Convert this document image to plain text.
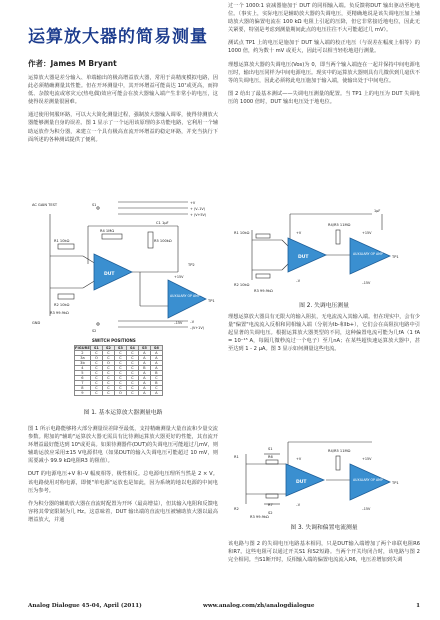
运算放大器的简易测量
作者：James M Bryant

运算放大器是差分输入、单端输出的极高增益放大器，常用于高精度模拟电路，因此必须精确测量其性能。但在开环测量中，其开环增益可能高达 10⁷或更高，而抑低、杂散电流或寒灾元(热电偶)效应可能会在放大器输入端产生非常小的电压，这使得误差测量很困难。

通过使用伺服环路，可以大大简化测量过程，强制放大器输入调零，使得待测放大器能够测量自身的误差。图 1 显示了一个运用该原理的多功能电路，它利用一个辅助运放作为积分器，来建立一个具有极高直流开环增益的稳定环路，并充当执行下面所述的各种测试提供了便利。

DUT
AUXILIARY OP AMP
AC GAIN TEST
GND
R1 10kΩ
R2 10kΩ
R3 99.9kΩ
R4 1MΩ
R5 100kΩ
C1 1μF
TP2
TP1
+V
+ (V–1V)
+ (V+5V)
–V
–(V+1V)
+15V
–15V
S1
S2
SWITCH POSITIONS
FIGURE	S1	S2	S3	S4	S5	S6
2	C	C	C	C	A	A
3a	O	C	C	C	A	A
3b	C	O	C	C	A	A
4	C	C	C	C	B	A
5	C	C	C	C	A	B
6	C	C	C	C	A	C
7	C	C	C	C	A	B
8	C	C	C	C	A	C
9	C	C	O	C	A	A
图 1. 基本运算放大器测量电路

图 1 所示电路能够将大部分测量误差降至最低，支持精确测量大量直流和少量交流参数。附加的"辅助"运算放大器无需具有比待测运算放大器更好的性能，其直流开环增益最好能达到 10⁶或更高。如果待测器件(DUT)的失调电压可能超过几mV，则辅助运放应采用±15 V电源供电（如果DUT的输入失调电压可能超过 10 mV，则需要减小 99.9 kΩ电阻R3 的阻值）。

DUT 的电源电压+V 和–V 幅度相等，极性相反。总电源电压理所当然是 2 × V。该电路使用对称电源，即便"单电源"运放也是如此，因为系统的地以电源的中间电压为参考。

作为积分器的辅助放大器在直流时配置为开环（最高增益），但其输入电阻和反馈电容将其带宽限制为几 Hz。这意味着，DUT 输出端的直流电压被辅助放大器以最高增益放大，并通

过一个 1000:1 衰减器施加于 DUT 的同相输入端。负反馈将DUT 输出驱动至地电位。（事实上，实际电压是辅助放大器的失调电压，更精确地说是该失调电压加上辅助放大器的偏置电流在 100 kΩ 电阻上引起的压降，但它非常接近地电位，因此无关紧要，特别是考虑到测量期间此点的电压往往不大可能超过几 mV）。

测试点 TP1 上的电压是施加于 DUT 输入端的校正电压（与误差在幅度上相等）的 1000 倍，约为数十 mV 或更大，因此可以相当轻松地进行测量。

理想运算放大器的失调电压(Vos)为 0，即当两个输入端连在一起并保持中间电源电压时，输出电压同样为中间电源电压。现实中的运算放大器则具有几微伏到几毫伏不等的失调电压，因此必须将此电压施加于输入端，使输出处于中间电位。

图 2 给出了最基本测试——失调电压测量的配置。当 TP1 上的电压为 DUT 失调电压的 1000 倍时，DUT 输出电压处于地电位。

DUT
AUXILIARY OP AMP
R1 10kΩ
R2 10kΩ
R3 99.9kΩ
R4/R5 11MΩ
TP1
+15V
–15V
+V
–V
1μF
图 2. 失调电压测量

理想运算放大器具有无限大的输入阻抗，无电流流入其输入端。但在现实中，会有少量"偏置"电流流入反相和同相输入端（分别为Ib-和Ib+），它们会在高阻抗电路中引起显著的失调电压。根据运算放大器类型的不同，这种偏置电流可能为几fA（1 fA = 10⁻¹⁵ A，每隔几微秒流过一个电子）至几nA；在某些超快速运算放大器中，甚至达到 1 - 2 μA。图 3 显示如何测量这些电流。

DUT	AUXILIARY OP AMP
R1
R2
R6
R7
S1
S2
R3 99.9kΩ
R4/R5 11MΩ
TP1
+15V
–15V
+V
–V
图 3. 失调和偏置电流测量

该电路与图 2 的失调电压电路基本相同，只是DUT输入端增加了两个串联电阻R6 和R7。这些电阻可以通过开关S1 和S2短路。当两个开关均闭合时，该电路与图 2 完全相同。当S1断开时，反相输入端的偏置电流流入R6，电压差增加到失调

Analog Dialogue 45-04, April (2011)	www.analog.com/zh/analogdialogue	1
